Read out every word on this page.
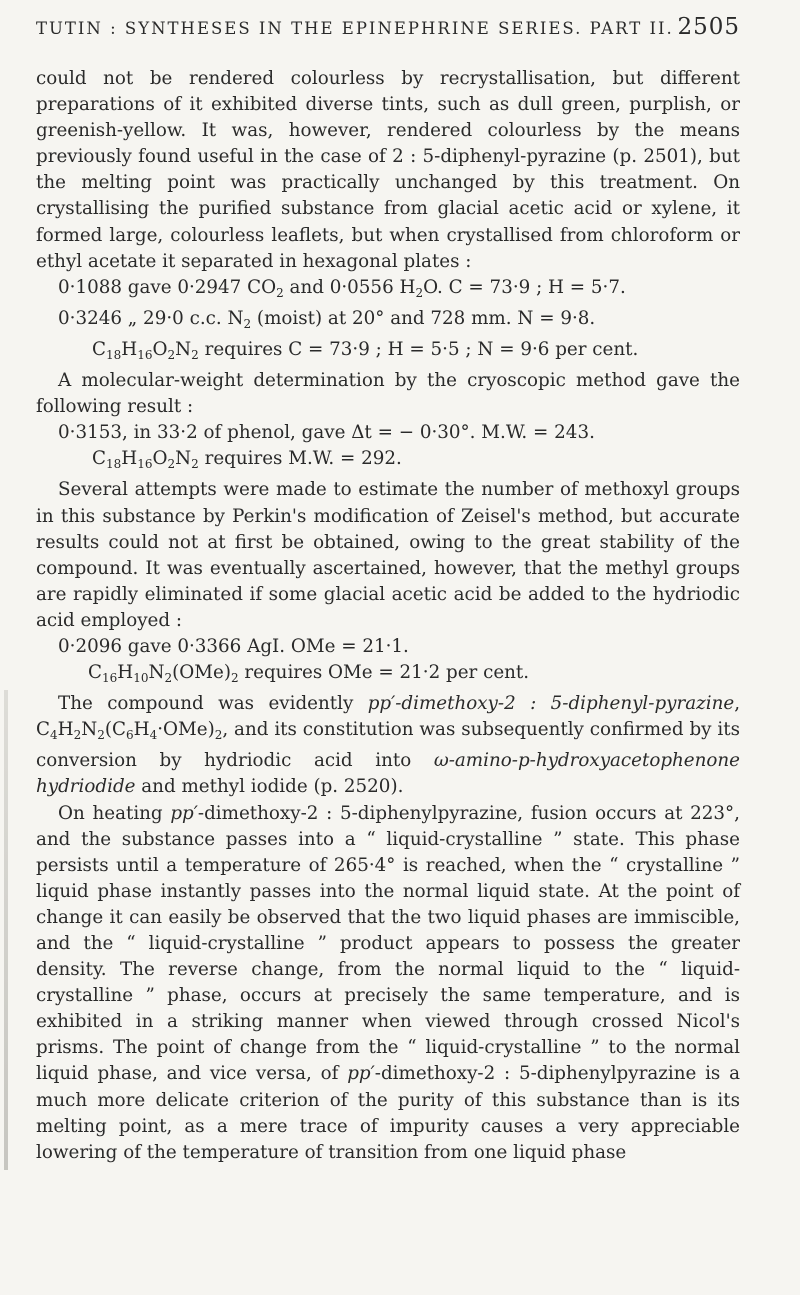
TUTIN : SYNTHESES IN THE EPINEPHRINE SERIES. PART II. 2505

could not be rendered colourless by recrystallisation, but different preparations of it exhibited diverse tints, such as dull green, purplish, or greenish-yellow. It was, however, rendered colourless by the means previously found useful in the case of 2 : 5-diphenyl-pyrazine (p. 2501), but the melting point was practically unchanged by this treatment. On crystallising the purified substance from glacial acetic acid or xylene, it formed large, colourless leaflets, but when crystallised from chloroform or ethyl acetate it separated in hexagonal plates :

0·1088 gave 0·2947 $CO_2$ and 0·0556 $H_2O$. C = 73·9 ; H = 5·7.
0·3246 „ 29·0 c.c. $N_2$ (moist) at 20° and 728 mm. N = 9·8.
$C_{18}H_{16}O_2N_2$ requires C = 73·9 ; H = 5·5 ; N = 9·6 per cent.

A molecular-weight determination by the cryoscopic method gave the following result :

0·3153, in 33·2 of phenol, gave Δt = − 0·30°. M.W. = 243.
$C_{18}H_{16}O_2N_2$ requires M.W. = 292.

Several attempts were made to estimate the number of methoxyl groups in this substance by Perkin's modification of Zeisel's method, but accurate results could not at first be obtained, owing to the great stability of the compound. It was eventually ascertained, however, that the methyl groups are rapidly eliminated if some glacial acetic acid be added to the hydriodic acid employed :

0·2096 gave 0·3366 AgI. OMe = 21·1.
$C_{16}H_{10}N_2(OMe)_2$ requires OMe = 21·2 per cent.

The compound was evidently pp′-dimethoxy-2 : 5-diphenyl-pyrazine, $C_4H_2N_2(C_6H_4\cdot OMe)_2$, and its constitution was subsequently confirmed by its conversion by hydriodic acid into ω-amino-p-hydroxyacetophenone hydriodide and methyl iodide (p. 2520).

On heating pp′-dimethoxy-2 : 5-diphenylpyrazine, fusion occurs at 223°, and the substance passes into a “ liquid-crystalline ” state. This phase persists until a temperature of 265·4° is reached, when the “ crystalline ” liquid phase instantly passes into the normal liquid state. At the point of change it can easily be observed that the two liquid phases are immiscible, and the “ liquid-crystalline ” product appears to possess the greater density. The reverse change, from the normal liquid to the “ liquid-crystalline ” phase, occurs at precisely the same temperature, and is exhibited in a striking manner when viewed through crossed Nicol's prisms. The point of change from the “ liquid-crystalline ” to the normal liquid phase, and vice versa, of pp′-dimethoxy-2 : 5-diphenylpyrazine is a much more delicate criterion of the purity of this substance than is its melting point, as a mere trace of impurity causes a very appreciable lowering of the temperature of transition from one liquid phase
